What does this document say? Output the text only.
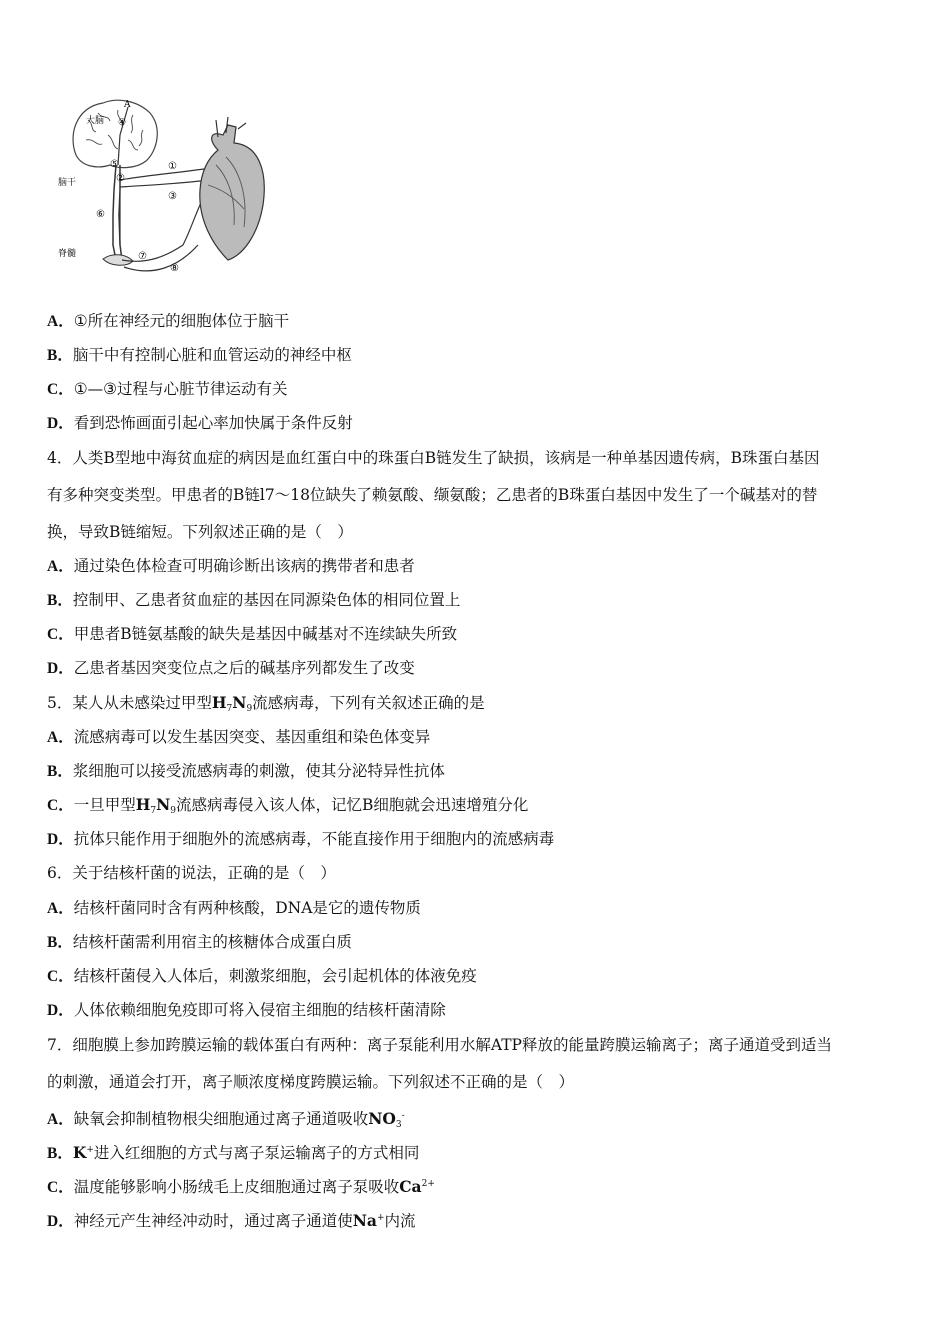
大脑
脑干
脊髓
A
④
⑤
②
①
③
⑥
⑦
⑧
A．①所在神经元的细胞体位于脑干
B．脑干中有控制心脏和血管运动的神经中枢
C．①—③过程与心脏节律运动有关
D．看到恐怖画面引起心率加快属于条件反射
4．人类B型地中海贫血症的病因是血红蛋白中的珠蛋白B链发生了缺损，该病是一种单基因遗传病，B珠蛋白基因
有多种突变类型。甲患者的B链l7～18位缺失了赖氨酸、缬氨酸；乙患者的B珠蛋白基因中发生了一个碱基对的替
换，导致B链缩短。下列叙述正确的是（　）
A．通过染色体检查可明确诊断出该病的携带者和患者
B．控制甲、乙患者贫血症的基因在同源染色体的相同位置上
C．甲患者B链氨基酸的缺失是基因中碱基对不连续缺失所致
D．乙患者基因突变位点之后的碱基序列都发生了改变
5．某人从未感染过甲型$H_7N_9$流感病毒，下列有关叙述正确的是
A．流感病毒可以发生基因突变、基因重组和染色体变异
B．浆细胞可以接受流感病毒的刺激，使其分泌特异性抗体
C．一旦甲型$H_7N_9$流感病毒侵入该人体，记忆B细胞就会迅速增殖分化
D．抗体只能作用于细胞外的流感病毒，不能直接作用于细胞内的流感病毒
6．关于结核杆菌的说法，正确的是（　）
A．结核杆菌同时含有两种核酸，DNA是它的遗传物质
B．结核杆菌需利用宿主的核糖体合成蛋白质
C．结核杆菌侵入人体后，刺激浆细胞，会引起机体的体液免疫
D．人体依赖细胞免疫即可将入侵宿主细胞的结核杆菌清除
7．细胞膜上参加跨膜运输的载体蛋白有两种：离子泵能利用水解ATP释放的能量跨膜运输离子；离子通道受到适当
的刺激，通道会打开，离子顺浓度梯度跨膜运输。下列叙述不正确的是（　）
A．缺氧会抑制植物根尖细胞通过离子通道吸收$NO_3^-$
B．K+进入红细胞的方式与离子泵运输离子的方式相同
C．温度能够影响小肠绒毛上皮细胞通过离子泵吸收$Ca^{2+}$
D．神经元产生神经冲动时，通过离子通道使Na+内流
